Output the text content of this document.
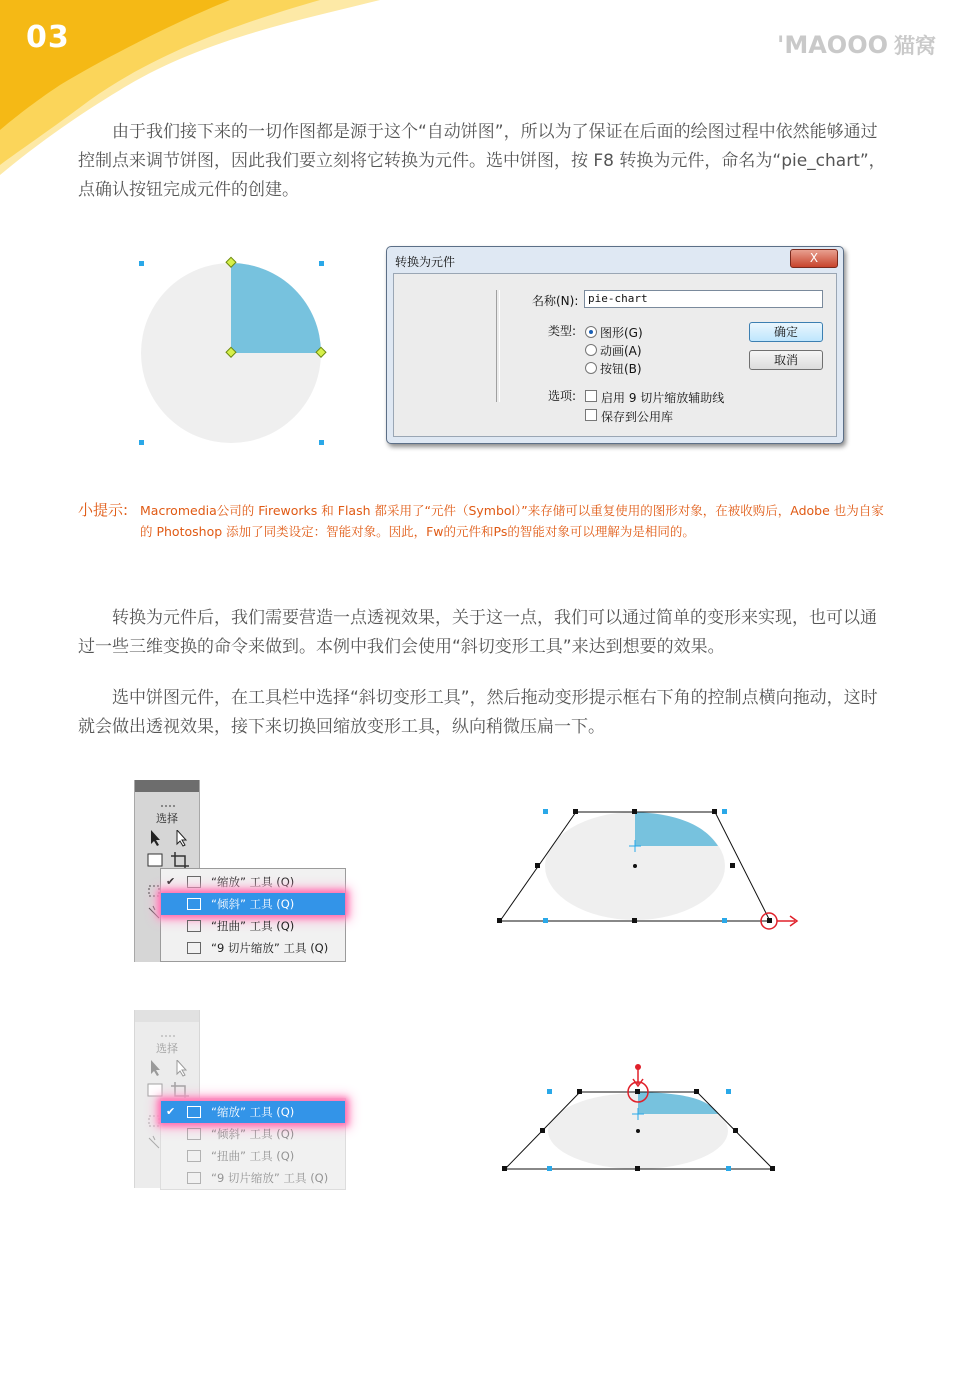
03	'MAOOO 猫窝

由于我们接下来的一切作图都是源于这个“自动饼图”，所以为了保证在后面的绘图过程中依然能够通过控制点来调节饼图，因此我们要立刻将它转换为元件。选中饼图，按 F8 转换为元件，命名为“pie_chart”，点确认按钮完成元件的创建。

转换为元件	X
名称(N): pie-chart
类型: 图形(G)
动画(A)
按钮(B)
选项: 启用 9 切片缩放辅助线
保存到公用库
确定
取消
小提示: Macromedia公司的 Fireworks 和 Flash 都采用了“元件（Symbol）”来存储可以重复使用的图形对象，在被收购后，Adobe 也为自家的 Photoshop 添加了同类设定：智能对象。因此，Fw的元件和Ps的智能对象可以理解为是相同的。

转换为元件后，我们需要营造一点透视效果，关于这一点，我们可以通过简单的变形来实现，也可以通过一些三维变换的命令来做到。本例中我们会使用“斜切变形工具”来达到想要的效果。

选中饼图元件，在工具栏中选择“斜切变形工具”，然后拖动变形提示框右下角的控制点横向拖动，这时就会做出透视效果，接下来切换回缩放变形工具，纵向稍微压扁一下。

选择
✔	“缩放” 工具 (Q)
“倾斜” 工具 (Q)
“扭曲” 工具 (Q)
“9 切片缩放” 工具 (Q)
选择
✔	“缩放” 工具 (Q)
“倾斜” 工具 (Q)
“扭曲” 工具 (Q)
“9 切片缩放” 工具 (Q)
